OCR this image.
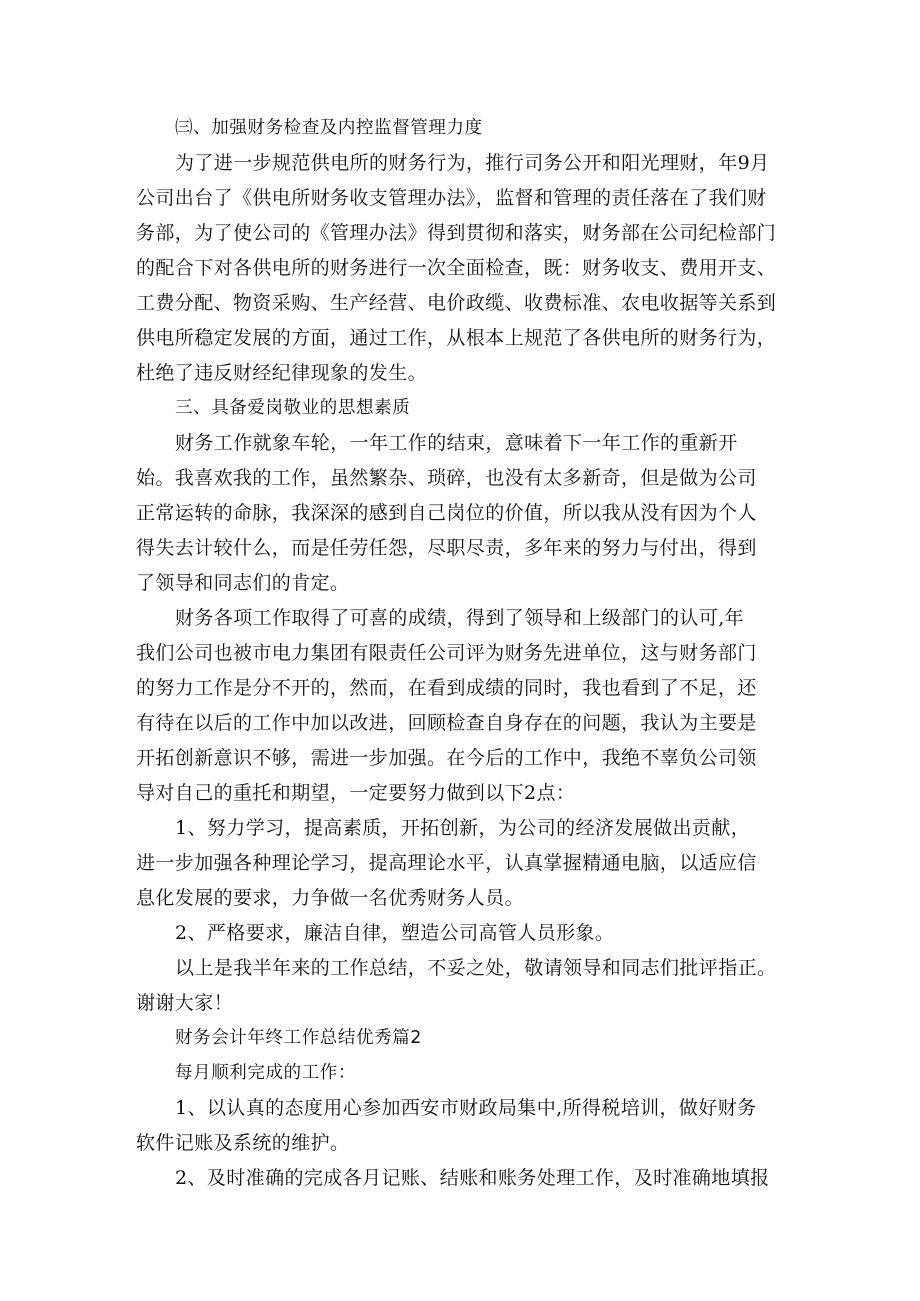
㈢、加强财务检查及内控监督管理力度
为了进一步规范供电所的财务行为，推行司务公开和阳光理财，年9月
公司出台了《供电所财务收支管理办法》，监督和管理的责任落在了我们财
务部，为了使公司的《管理办法》得到贯彻和落实，财务部在公司纪检部门
的配合下对各供电所的财务进行一次全面检查，既：财务收支、费用开支、
工费分配、物资采购、生产经营、电价政缆、收费标准、农电收据等关系到
供电所稳定发展的方面，通过工作，从根本上规范了各供电所的财务行为，
杜绝了违反财经纪律现象的发生。
三、具备爱岗敬业的思想素质
财务工作就象车轮，一年工作的结束，意味着下一年工作的重新开
始。我喜欢我的工作，虽然繁杂、琐碎，也没有太多新奇，但是做为公司
正常运转的命脉，我深深的感到自己岗位的价值，所以我从没有因为个人
得失去计较什么，而是任劳任怨，尽职尽责，多年来的努力与付出，得到
了领导和同志们的肯定。
财务各项工作取得了可喜的成绩，得到了领导和上级部门的认可,年
我们公司也被市电力集团有限责任公司评为财务先进单位，这与财务部门
的努力工作是分不开的，然而，在看到成绩的同时，我也看到了不足，还
有待在以后的工作中加以改进，回顾检查自身存在的问题，我认为主要是
开拓创新意识不够，需进一步加强。在今后的工作中，我绝不辜负公司领
导对自己的重托和期望，一定要努力做到以下2点：
1、努力学习，提高素质，开拓创新，为公司的经济发展做出贡献，
进一步加强各种理论学习，提高理论水平，认真掌握精通电脑，以适应信
息化发展的要求，力争做一名优秀财务人员。
2、严格要求，廉洁自律，塑造公司高管人员形象。
以上是我半年来的工作总结，不妥之处，敬请领导和同志们批评指正。
谢谢大家！
财务会计年终工作总结优秀篇2
每月顺利完成的工作：
1、以认真的态度用心参加西安市财政局集中,所得税培训，做好财务
软件记账及系统的维护。
2、及时准确的完成各月记账、结账和账务处理工作，及时准确地填报
